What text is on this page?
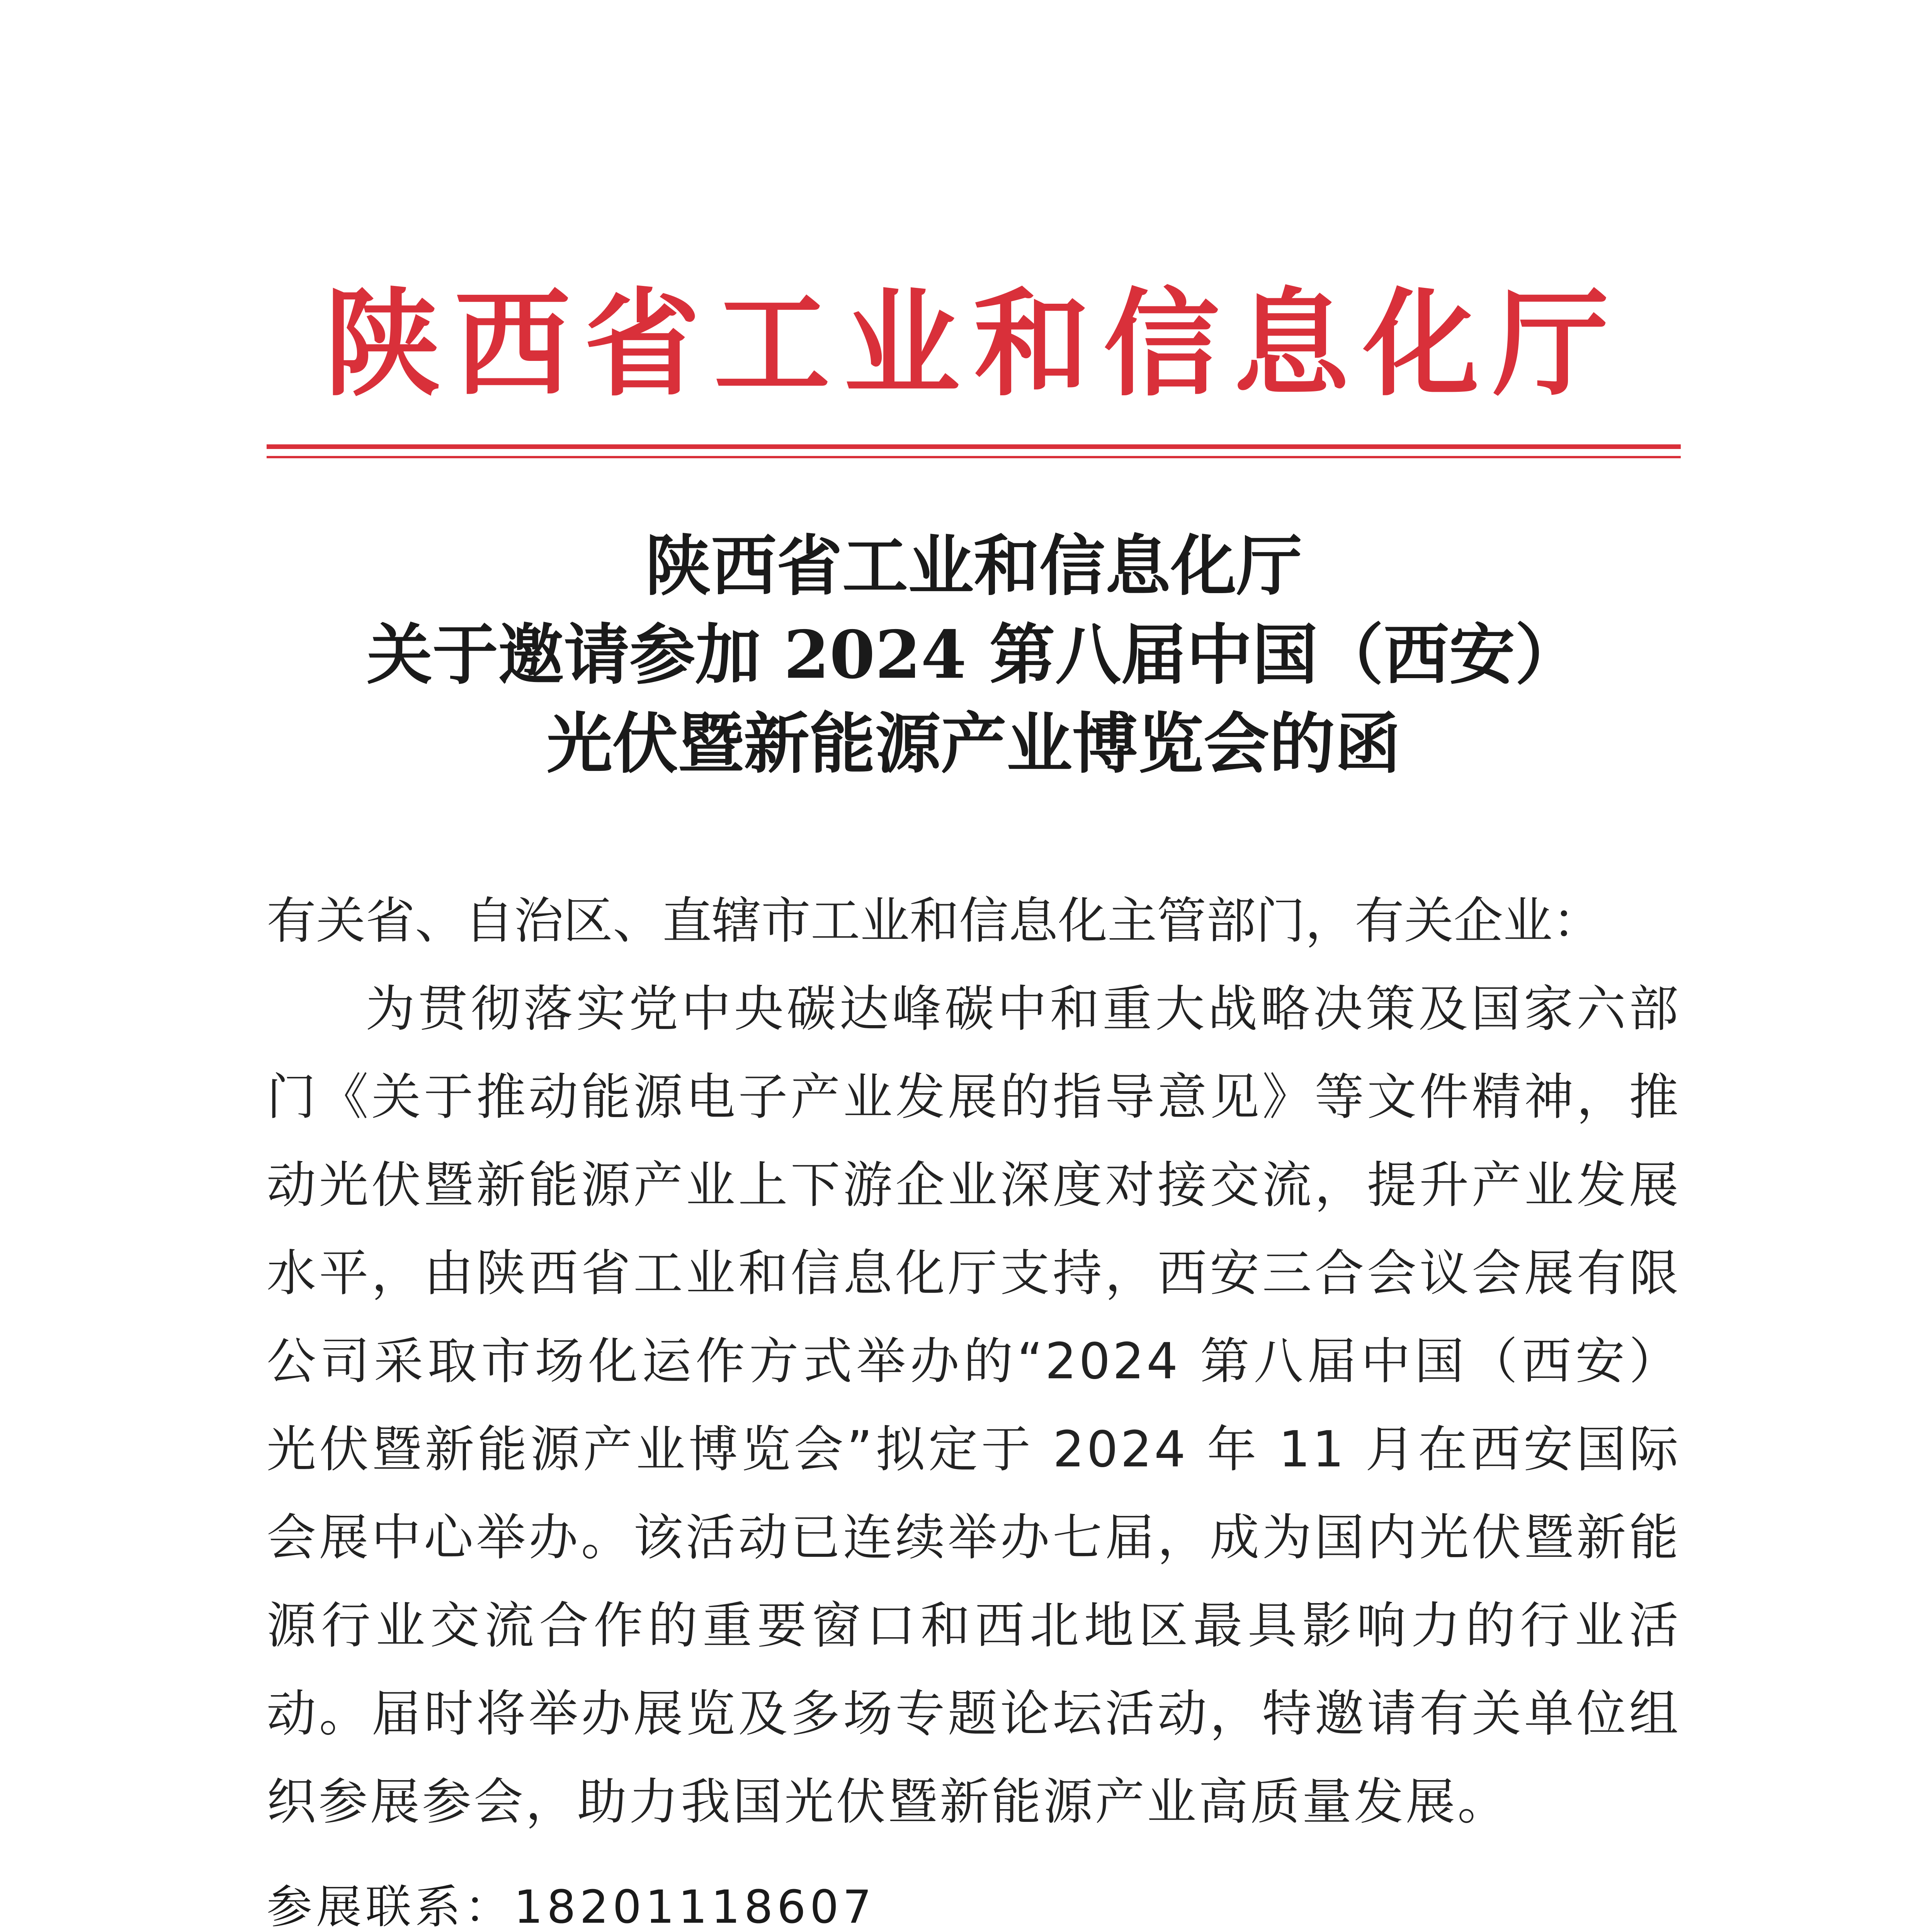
陕西省工业和信息化厅
陕西省工业和信息化厅
关于邀请参加 2024 第八届中国（西安）
光伏暨新能源产业博览会的函
有关省、自治区、直辖市工业和信息化主管部门，有关企业：
为贯彻落实党中央碳达峰碳中和重大战略决策及国家六部门《关于推动能源电子产业发展的指导意见》等文件精神，推动光伏暨新能源产业上下游企业深度对接交流，提升产业发展水平，由陕西省工业和信息化厅支持，西安三合会议会展有限公司采取市场化运作方式举办的“2024 第八届中国（西安）光伏暨新能源产业博览会”拟定于 2024 年 11 月在西安国际会展中心举办。该活动已连续举办七届，成为国内光伏暨新能源行业交流合作的重要窗口和西北地区最具影响力的行业活动。届时将举办展览及多场专题论坛活动，特邀请有关单位组织参展参会，助力我国光伏暨新能源产业高质量发展。
参展联系：18201118607
